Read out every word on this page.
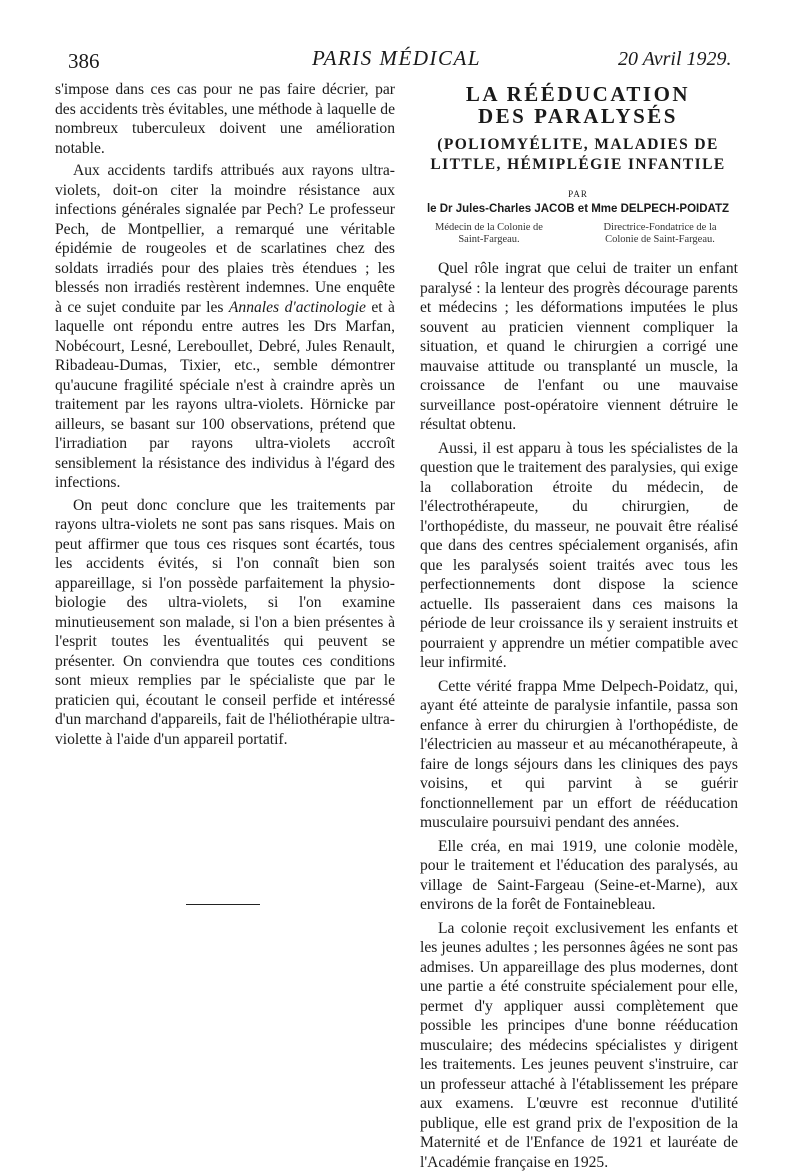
386	PARIS MÉDICAL	20 Avril 1929.

s'impose dans ces cas pour ne pas faire décrier, par des accidents très évitables, une méthode à laquelle de nombreux tuberculeux doivent une amélioration notable.

Aux accidents tardifs attribués aux rayons ultra-violets, doit-on citer la moindre résistance aux infections générales signalée par Pech? Le professeur Pech, de Montpellier, a remarqué une véritable épidémie de rougeoles et de scarlatines chez des soldats irradiés pour des plaies très étendues ; les blessés non irradiés restèrent indemnes. Une enquête à ce sujet conduite par les Annales d'actinologie et à laquelle ont répondu entre autres les Drs Marfan, Nobécourt, Lesné, Lereboullet, Debré, Jules Renault, Ribadeau-Dumas, Tixier, etc., semble démontrer qu'aucune fragilité spéciale n'est à craindre après un traitement par les rayons ultra-violets. Hörnicke par ailleurs, se basant sur 100 observations, prétend que l'irradiation par rayons ultra-violets accroît sensiblement la résistance des individus à l'égard des infections.

On peut donc conclure que les traitements par rayons ultra-violets ne sont pas sans risques. Mais on peut affirmer que tous ces risques sont écartés, tous les accidents évités, si l'on connaît bien son appareillage, si l'on possède parfaitement la physio-biologie des ultra-violets, si l'on examine minutieusement son malade, si l'on a bien présentes à l'esprit toutes les éventualités qui peuvent se présenter. On conviendra que toutes ces conditions sont mieux remplies par le spécialiste que par le praticien qui, écoutant le conseil perfide et intéressé d'un marchand d'appareils, fait de l'héliothérapie ultra-violette à l'aide d'un appareil portatif.

LA RÉÉDUCATION
DES PARALYSÉS
(POLIOMYÉLITE, MALADIES DE
LITTLE, HÉMIPLÉGIE INFANTILE
PAR
le Dr Jules-Charles JACOB et Mme DELPECH-POIDATZ
Médecin de la Colonie de
Saint-Fargeau.
Directrice-Fondatrice de la
Colonie de Saint-Fargeau.

Quel rôle ingrat que celui de traiter un enfant paralysé : la lenteur des progrès décourage parents et médecins ; les déformations imputées le plus souvent au praticien viennent compliquer la situation, et quand le chirurgien a corrigé une mauvaise attitude ou transplanté un muscle, la croissance de l'enfant ou une mauvaise surveillance post-opératoire viennent détruire le résultat obtenu.

Aussi, il est apparu à tous les spécialistes de la question que le traitement des paralysies, qui exige la collaboration étroite du médecin, de l'électrothérapeute, du chirurgien, de l'orthopédiste, du masseur, ne pouvait être réalisé que dans des centres spécialement organisés, afin que les paralysés soient traités avec tous les perfectionnements dont dispose la science actuelle. Ils passeraient dans ces maisons la période de leur croissance ils y seraient instruits et pourraient y apprendre un métier compatible avec leur infirmité.

Cette vérité frappa Mme Delpech-Poidatz, qui, ayant été atteinte de paralysie infantile, passa son enfance à errer du chirurgien à l'orthopédiste, de l'électricien au masseur et au mécanothérapeute, à faire de longs séjours dans les cliniques des pays voisins, et qui parvint à se guérir fonctionnellement par un effort de rééducation musculaire poursuivi pendant des années.

Elle créa, en mai 1919, une colonie modèle, pour le traitement et l'éducation des paralysés, au village de Saint-Fargeau (Seine-et-Marne), aux environs de la forêt de Fontainebleau.

La colonie reçoit exclusivement les enfants et les jeunes adultes ; les personnes âgées ne sont pas admises. Un appareillage des plus modernes, dont une partie a été construite spécialement pour elle, permet d'y appliquer aussi complètement que possible les principes d'une bonne rééducation musculaire; des médecins spécialistes y dirigent les traitements. Les jeunes peuvent s'instruire, car un professeur attaché à l'établissement les prépare aux examens. L'œuvre est reconnue d'utilité publique, elle est grand prix de l'exposition de la Maternité et de l'Enfance de 1921 et lauréate de l'Académie française en 1925.
